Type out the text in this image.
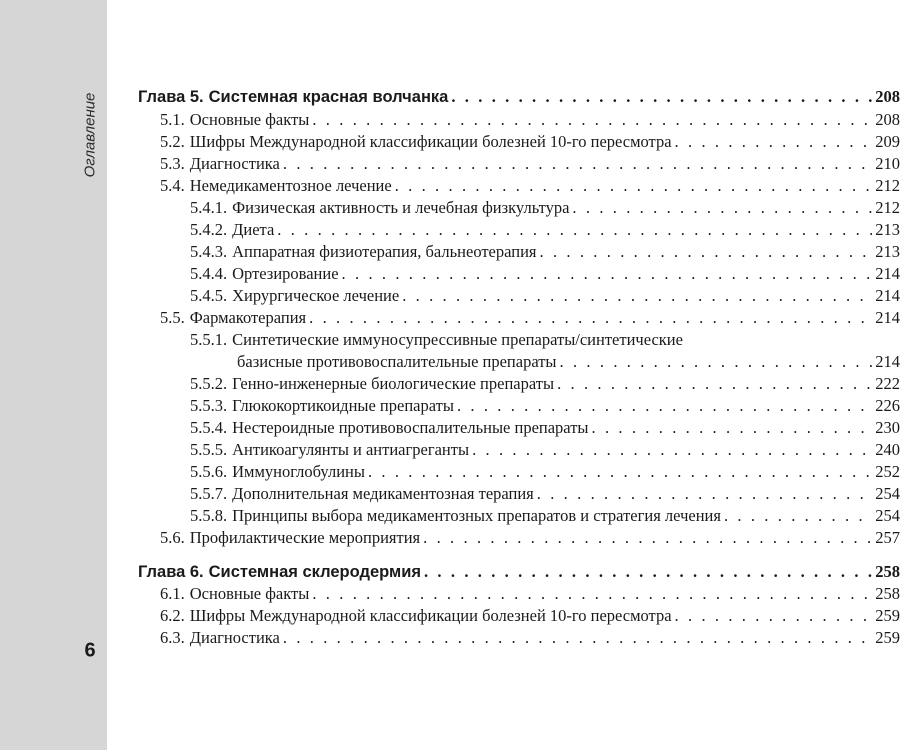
Оглавление
6
Глава 5. Системная красная волчанка . . .	208
5.1. Основные факты . . .	208
5.2. Шифры Международной классификации болезней 10-го пересмотра . . .	209
5.3. Диагностика . . .	210
5.4. Немедикаментозное лечение . . .	212
5.4.1. Физическая активность и лечебная физкультура . . .	212
5.4.2. Диета . . .	213
5.4.3. Аппаратная физиотерапия, бальнеотерапия . . .	213
5.4.4. Ортезирование . . .	214
5.4.5. Хирургическое лечение . . .	214
5.5. Фармакотерапия . . .	214
5.5.1. Синтетические иммуносупрессивные препараты/синтетические
базисные противовоспалительные препараты . . .	214
5.5.2. Генно-инженерные биологические препараты . . .	222
5.5.3. Глюкокортикоидные препараты . . .	226
5.5.4. Нестероидные противовоспалительные препараты . . .	230
5.5.5. Антикоагулянты и антиагреганты . . .	240
5.5.6. Иммуноглобулины . . .	252
5.5.7. Дополнительная медикаментозная терапия . . .	254
5.5.8. Принципы выбора медикаментозных препаратов и стратегия лечения . . .	254
5.6. Профилактические мероприятия . . .	257
Глава 6. Системная склеродермия . . .	258
6.1. Основные факты . . .	258
6.2. Шифры Международной классификации болезней 10-го пересмотра . . .	259
6.3. Диагностика . . .	259
